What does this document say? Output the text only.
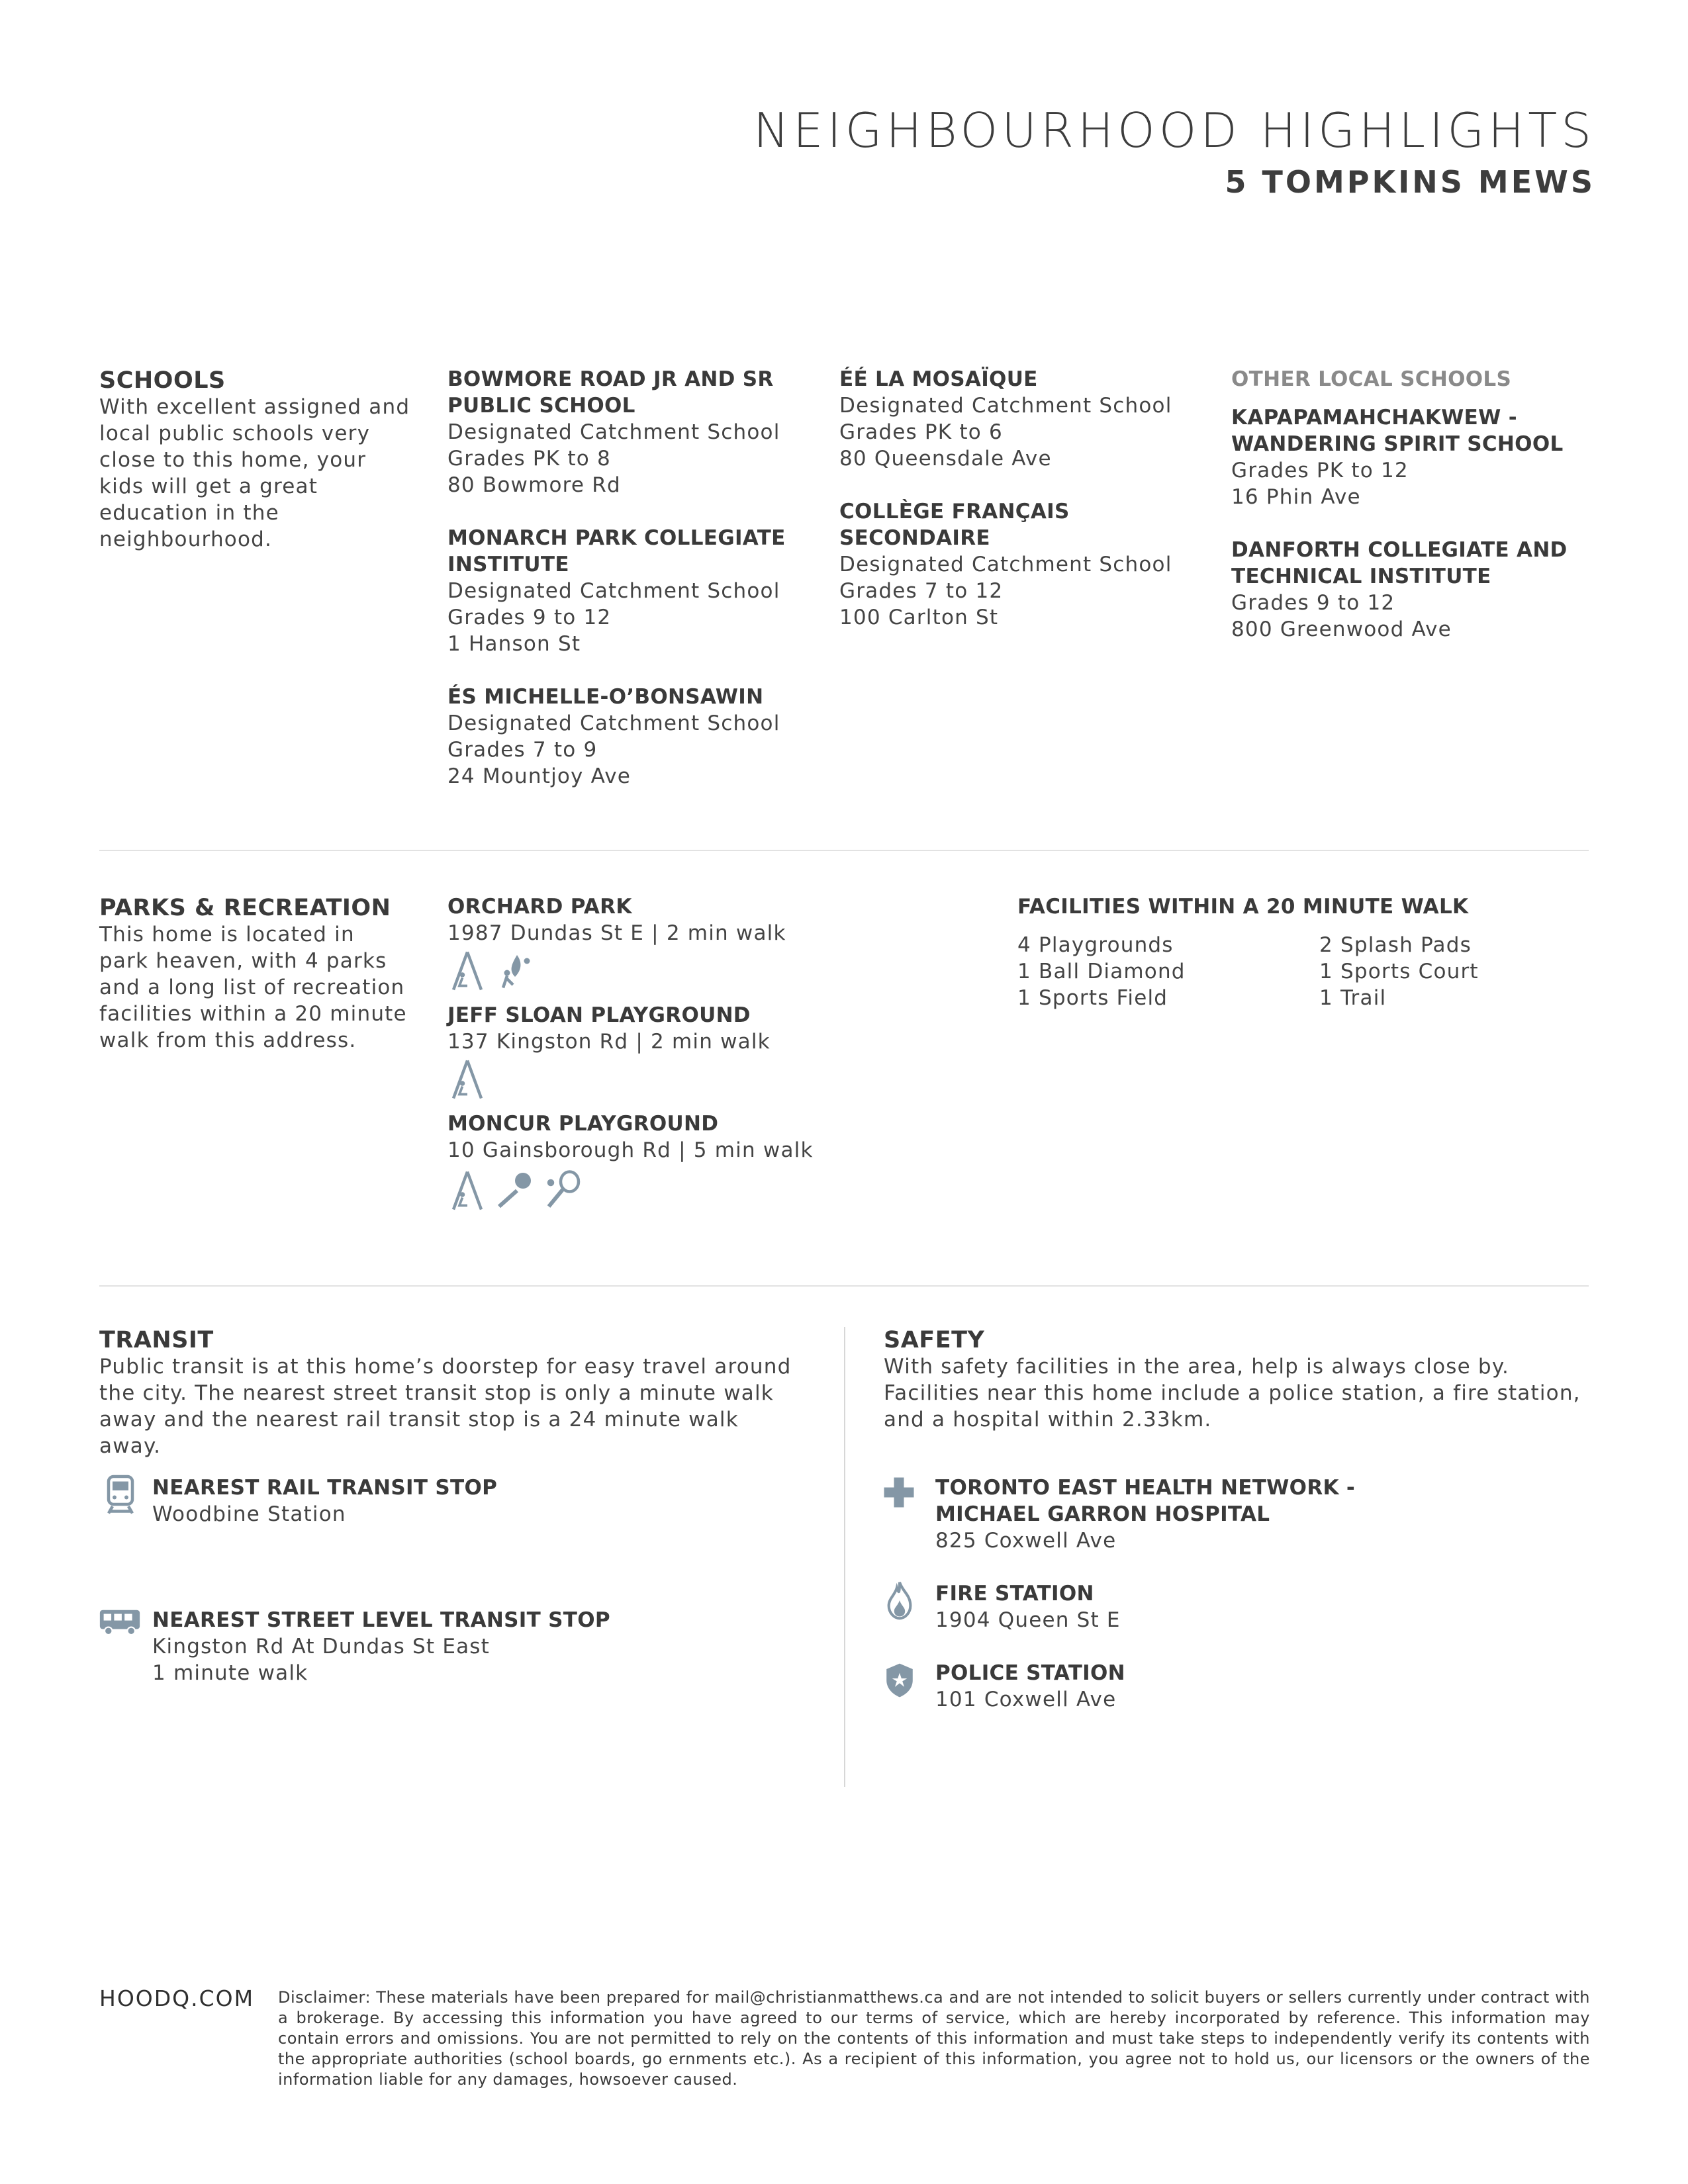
NEIGHBOURHOOD HIGHLIGHTS
5 TOMPKINS MEWS
SCHOOLS
With excellent assigned and local public schools very close to this home, your kids will get a great education in the neighbourhood.
BOWMORE ROAD JR AND SR PUBLIC SCHOOL
Designated Catchment School
Grades PK to 8
80 Bowmore Rd
MONARCH PARK COLLEGIATE INSTITUTE
Designated Catchment School
Grades 9 to 12
1 Hanson St
ÉS MICHELLE-O’BONSAWIN
Designated Catchment School
Grades 7 to 9
24 Mountjoy Ave
ÉÉ LA MOSAÏQUE
Designated Catchment School
Grades PK to 6
80 Queensdale Ave
COLLÈGE FRANÇAIS SECONDAIRE
Designated Catchment School
Grades 7 to 12
100 Carlton St
OTHER LOCAL SCHOOLS
KAPAPAMAHCHAKWEW - WANDERING SPIRIT SCHOOL
Grades PK to 12
16 Phin Ave
DANFORTH COLLEGIATE AND TECHNICAL INSTITUTE
Grades 9 to 12
800 Greenwood Ave
PARKS & RECREATION
This home is located in park heaven, with 4 parks and a long list of recreation facilities within a 20 minute walk from this address.
ORCHARD PARK
1987 Dundas St E | 2 min walk
JEFF SLOAN PLAYGROUND
137 Kingston Rd | 2 min walk
MONCUR PLAYGROUND
10 Gainsborough Rd | 5 min walk
FACILITIES WITHIN A 20 MINUTE WALK
4 Playgrounds	2 Splash Pads
1 Ball Diamond	1 Sports Court
1 Sports Field	1 Trail
TRANSIT
Public transit is at this home’s doorstep for easy travel around the city. The nearest street transit stop is only a minute walk away and the nearest rail transit stop is a 24 minute walk away.
NEAREST RAIL TRANSIT STOP
Woodbine Station
NEAREST STREET LEVEL TRANSIT STOP
Kingston Rd At Dundas St East
1 minute walk
SAFETY
With safety facilities in the area, help is always close by. Facilities near this home include a police station, a fire station, and a hospital within 2.33km.
TORONTO EAST HEALTH NETWORK - MICHAEL GARRON HOSPITAL
825 Coxwell Ave
FIRE STATION
1904 Queen St E
POLICE STATION
101 Coxwell Ave
HOODQ.COM Disclaimer: These materials have been prepared for mail@christianmatthews.ca and are not intended to solicit buyers or sellers currently under contract with a brokerage. By accessing this information you have agreed to our terms of service, which are hereby incorporated by reference. This information may contain errors and omissions. You are not permitted to rely on the contents of this information and must take steps to independently verify its contents with the appropriate authorities (school boards, go ernments etc.). As a recipient of this information, you agree not to hold us, our licensors or the owners of the information liable for any damages, howsoever caused.
